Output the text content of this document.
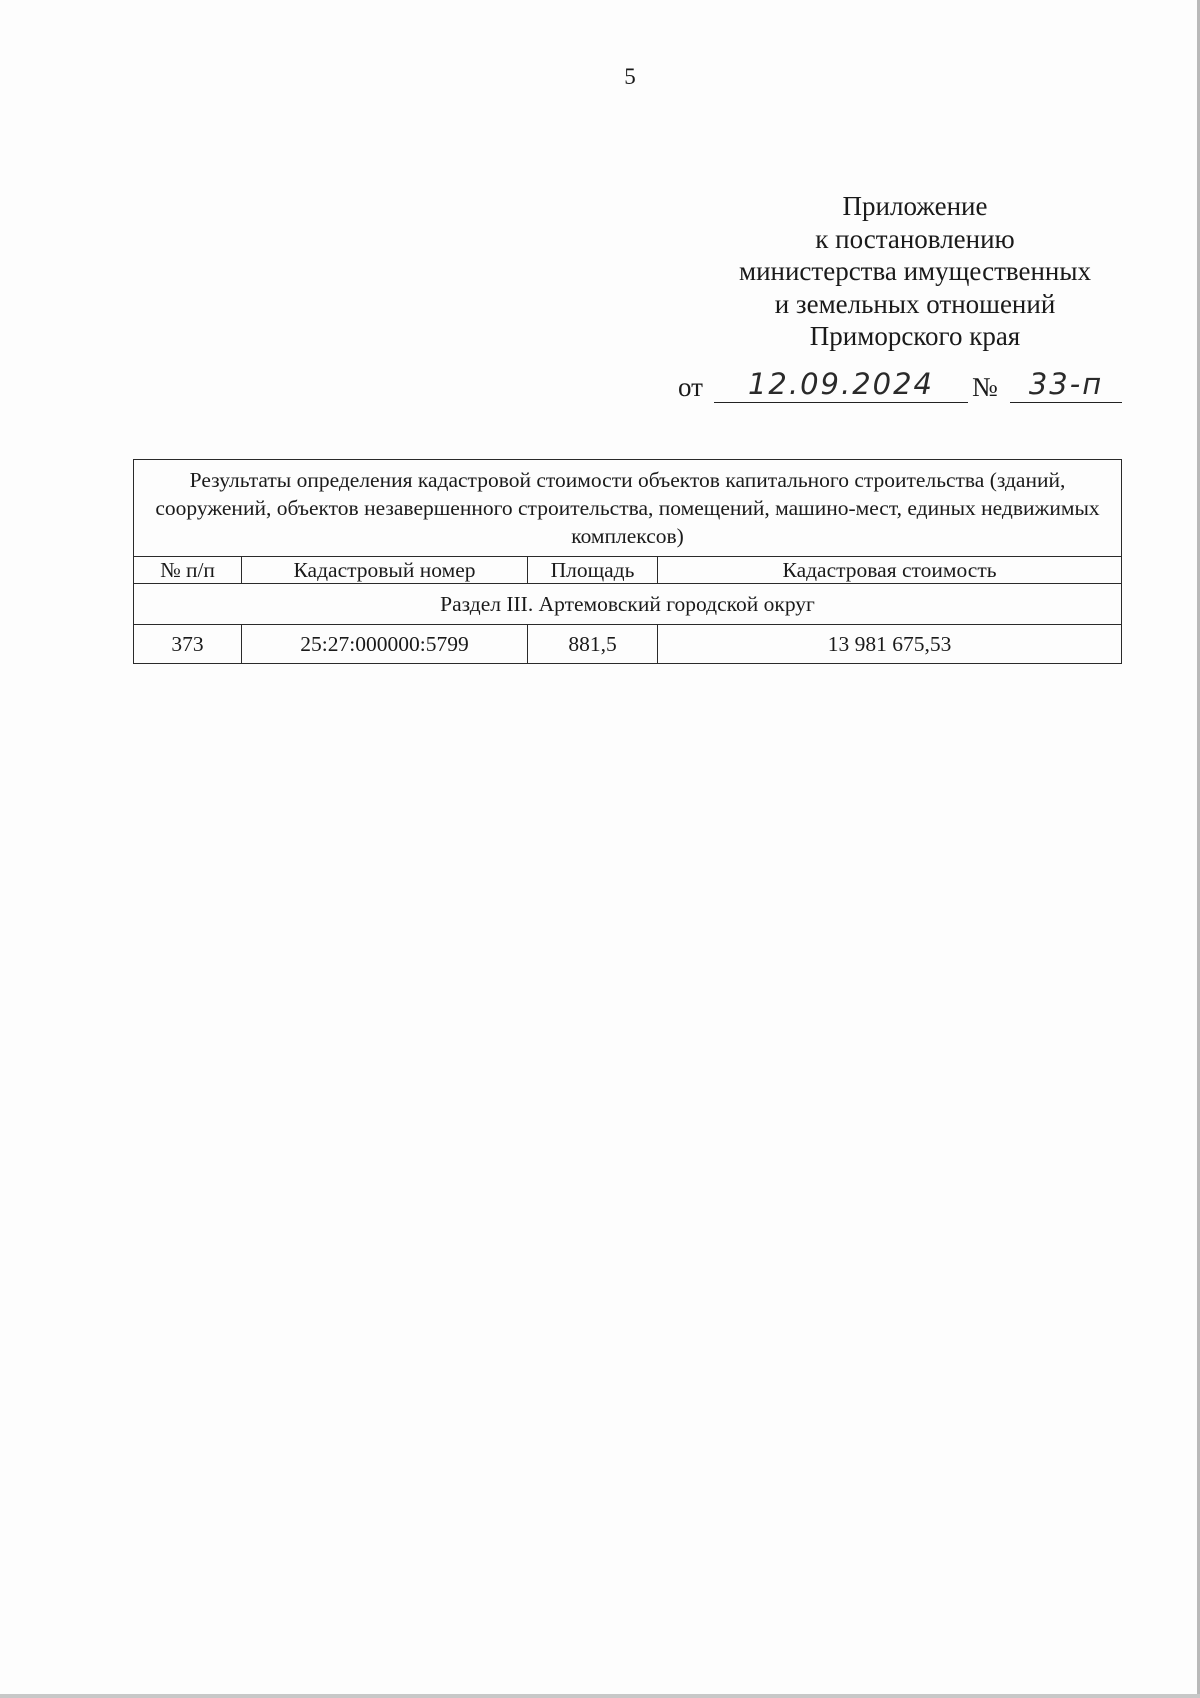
5
Приложение
к постановлению
министерства имущественных
и земельных отношений
Приморского края
от	12.09.2024	№	33-п
Результаты определения кадастровой стоимости объектов капитального строительства (зданий, сооружений, объектов незавершенного строительства, помещений, машино-мест, единых недвижимых комплексов)			
№ п/п	Кадастровый номер	Площадь	Кадастровая стоимость
Раздел III. Артемовский городской округ			
373	25:27:000000:5799	881,5	13 981 675,53
